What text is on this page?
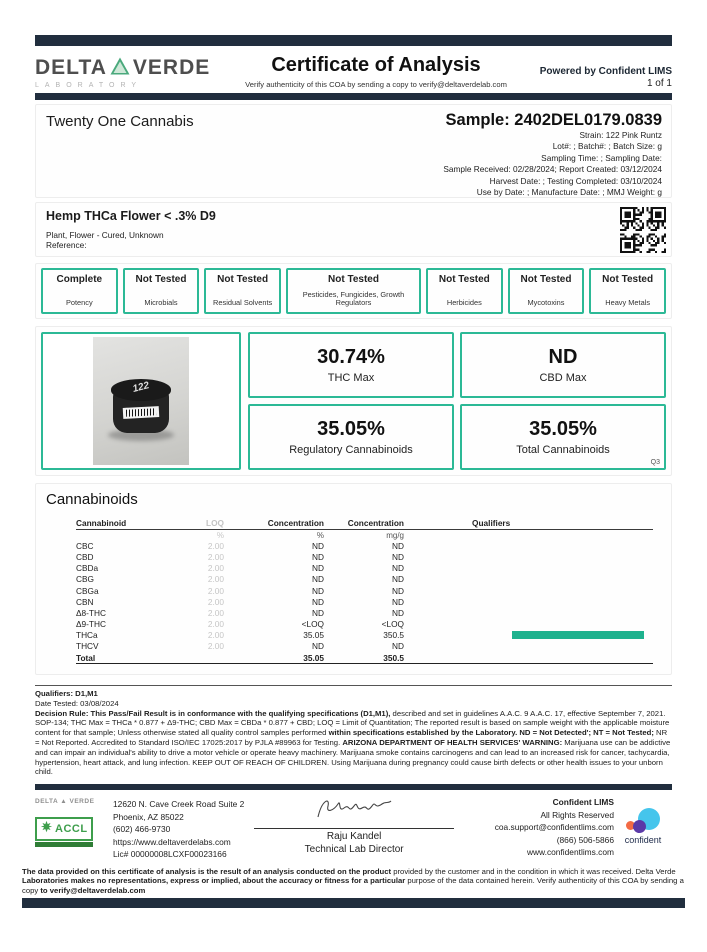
DELTA VERDE
LABORATORY
Certificate of Analysis
Verify authenticity of this COA by sending a copy to verify@deltaverdelab.com
Powered by Confident LIMS
1 of 1
Twenty One Cannabis	Sample: 2402DEL0179.0839
Strain: 122 Pink Runtz
Lot#: ; Batch#: ; Batch Size: g
Sampling Time: ; Sampling Date:
Sample Received: 02/28/2024; Report Created: 03/12/2024
Harvest Date: ; Testing Completed: 03/10/2024
Use by Date: ; Manufacture Date: ; MMJ Weight: g
Hemp THCa Flower < .3% D9
Plant, Flower - Cured, Unknown
Reference:
Complete
Potency
Not Tested
Microbials
Not Tested
Residual Solvents
Not Tested
Pesticides, Fungicides, Growth Regulators
Not Tested
Herbicides
Not Tested
Mycotoxins
Not Tested
Heavy Metals
122
30.74%
THC Max
ND
CBD Max
35.05%
Regulatory Cannabinoids
35.05%
Total Cannabinoids
Q3
Cannabinoids
Cannabinoid	LOQ	Concentration	Concentration	Qualifiers
	%	%	mg/g	
CBC	2.00	ND	ND	
CBD	2.00	ND	ND	
CBDa	2.00	ND	ND	
CBG	2.00	ND	ND	
CBGa	2.00	ND	ND	
CBN	2.00	ND	ND	
Δ8-THC	2.00	ND	ND	
Δ9-THC	2.00	<LOQ	<LOQ	
THCa	2.00	35.05	350.5	

THCV	2.00	ND	ND	
Total		35.05	350.5	
Qualifiers: D1,M1
Date Tested: 03/08/2024
Decision Rule: This Pass/Fail Result is in conformance with the qualifying specifications (D1,M1), described and set in guidelines A.A.C. 9 A.A.C. 17, effective September 7, 2021. SOP-134; THC Max = THCa * 0.877 + Δ9-THC; CBD Max = CBDa * 0.877 + CBD; LOQ = Limit of Quantitation; The reported result is based on sample weight with the applicable moisture content for that sample; Unless otherwise stated all quality control samples performed within specifications established by the Laboratory. ND = Not Detected'; NT = Not Tested; NR = Not Reported. Accredited to Standard ISO/IEC 17025:2017 by PJLA #89963 for Testing. ARIZONA DEPARTMENT OF HEALTH SERVICES' WARNING: Marijuana use can be addictive and can impair an individual's ability to drive a motor vehicle or operate heavy machinery. Marijuana smoke contains carcinogens and can lead to an increased risk for cancer, tachycardia, hypertension, heart attack, and lung infection. KEEP OUT OF REACH OF CHILDREN. Using Marijuana during pregnancy could cause birth defects or other health issues to your unborn child.
DELTA ▲ VERDE
ACCL
12620 N. Cave Creek Road Suite 2
Phoenix, AZ 85022
(602) 466-9730
https://www.deltaverdelabs.com
Lic# 00000008LCXF00023166
Raju Kandel
Technical Lab Director
Confident LIMS
All Rights Reserved
coa.support@confidentlims.com
(866) 506-5866
www.confidentlims.com
confident
The data provided on this certificate of analysis is the result of an analysis conducted on the product provided by the customer and in the condition in which it was received. Delta Verde Laboratories makes no representations, express or implied, about the accuracy or fitness for a particular purpose of the data contained herein. Verify authenticity of this COA by sending a copy to verify@deltaverdelab.com
